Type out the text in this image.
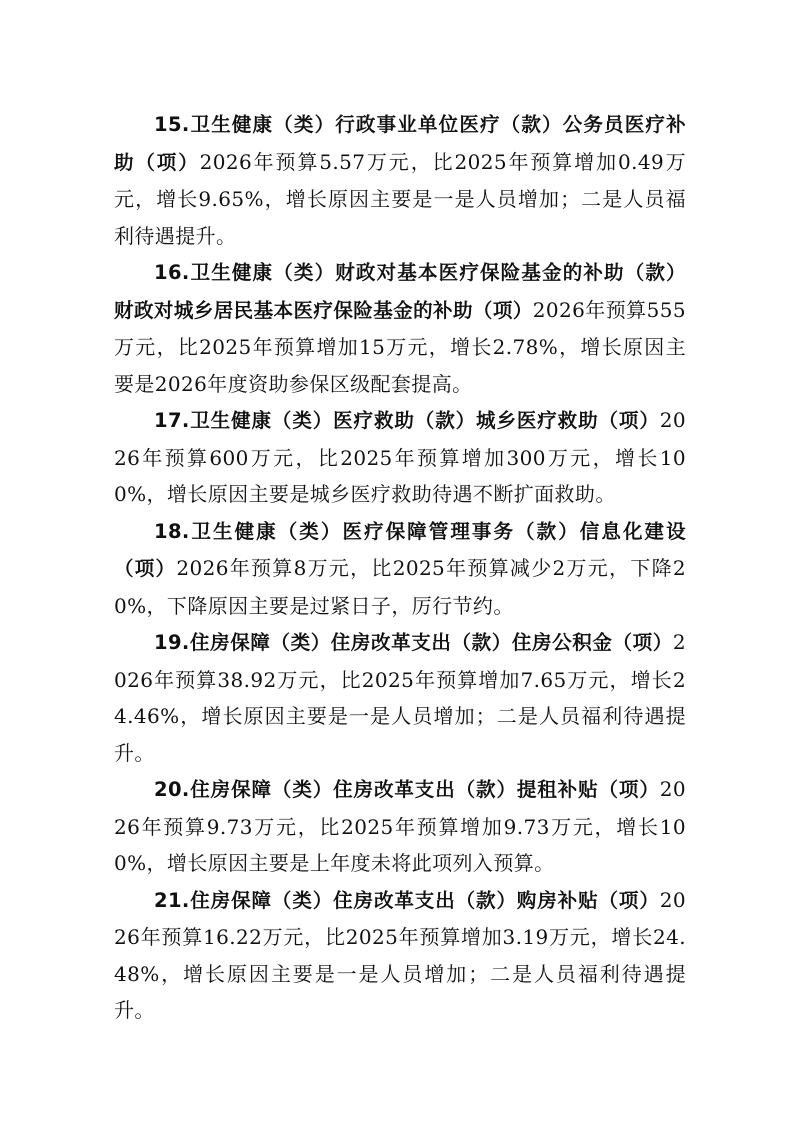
15.卫生健康（类）行政事业单位医疗（款）公务员医疗补助（项）2026年预算5.57万元，比2025年预算增加0.49万元，增长9.65%，增长原因主要是一是人员增加；二是人员福利待遇提升。

16.卫生健康（类）财政对基本医疗保险基金的补助（款）财政对城乡居民基本医疗保险基金的补助（项）2026年预算555万元，比2025年预算增加15万元，增长2.78%，增长原因主要是2026年度资助参保区级配套提高。

17.卫生健康（类）医疗救助（款）城乡医疗救助（项）2026年预算600万元，比2025年预算增加300万元，增长100%，增长原因主要是城乡医疗救助待遇不断扩面救助。

18.卫生健康（类）医疗保障管理事务（款）信息化建设（项）2026年预算8万元，比2025年预算减少2万元，下降20%，下降原因主要是过紧日子，厉行节约。

19.住房保障（类）住房改革支出（款）住房公积金（项）2026年预算38.92万元，比2025年预算增加7.65万元，增长24.46%，增长原因主要是一是人员增加；二是人员福利待遇提升。

20.住房保障（类）住房改革支出（款）提租补贴（项）2026年预算9.73万元，比2025年预算增加9.73万元，增长100%，增长原因主要是上年度未将此项列入预算。

21.住房保障（类）住房改革支出（款）购房补贴（项）2026年预算16.22万元，比2025年预算增加3.19万元，增长24.48%，增长原因主要是一是人员增加；二是人员福利待遇提升。
